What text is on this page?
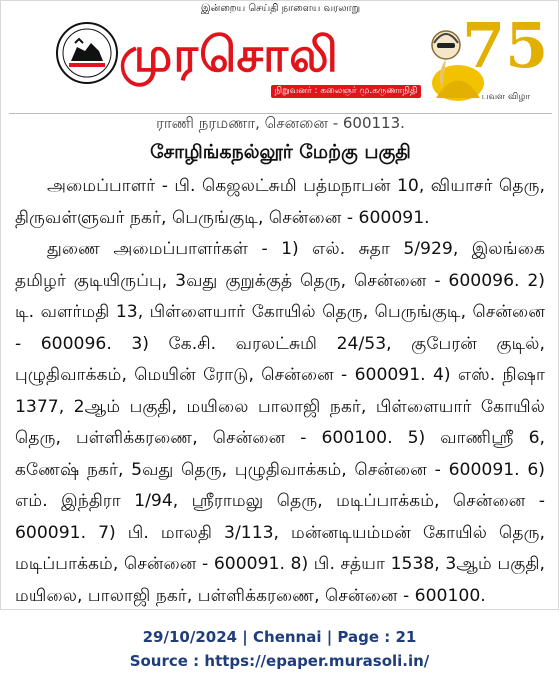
இன்றைய செய்தி நாளைய வரலாறு
முரசொலி
நிறுவனர் : கலைஞர் மு.கருணாநிதி
75
பவள விழா
ராணி நரமணா, செனனை - 600113.
சோழிங்கநல்லூர் மேற்கு பகுதி

அமைப்பாளர் - பி. கெஜலட்சுமி பத்மநாபன் 10, வியாசர் தெரு, திருவள்ளுவர் நகர், பெருங்குடி, சென்னை - 600091.

துணை அமைப்பாளர்கள் - 1) எல். சுதா 5/929, இலங்கை தமிழர் குடியிருப்பு, 3வது குறுக்குத் தெரு, சென்னை - 600096. 2) டி. வளர்மதி 13, பிள்ளையார் கோயில் தெரு, பெருங்குடி, சென்னை - 600096. 3) கே.சி. வரலட்சுமி 24/53, குபேரன் குடில், புழுதிவாக்கம், மெயின் ரோடு, சென்னை - 600091. 4) எஸ். நிஷா 1377, 2ஆம் பகுதி, மயிலை பாலாஜி நகர், பிள்ளையார் கோயில் தெரு, பள்ளிக்கரணை, சென்னை - 600100. 5) வாணிஸ்ரீ 6, கணேஷ் நகர், 5வது தெரு, புழுதிவாக்கம், சென்னை - 600091. 6) எம். இந்திரா 1/94, ஸ்ரீராமலு தெரு, மடிப்பாக்கம், சென்னை - 600091. 7) பி. மாலதி 3/113, மன்னடியம்மன் கோயில் தெரு, மடிப்பாக்கம், சென்னை - 600091. 8) பி. சத்யா 1538, 3ஆம் பகுதி, மயிலை, பாலாஜி நகர், பள்ளிக்கரணை, சென்னை - 600100.

29/10/2024 | Chennai | Page : 21
Source : https://epaper.murasoli.in/
